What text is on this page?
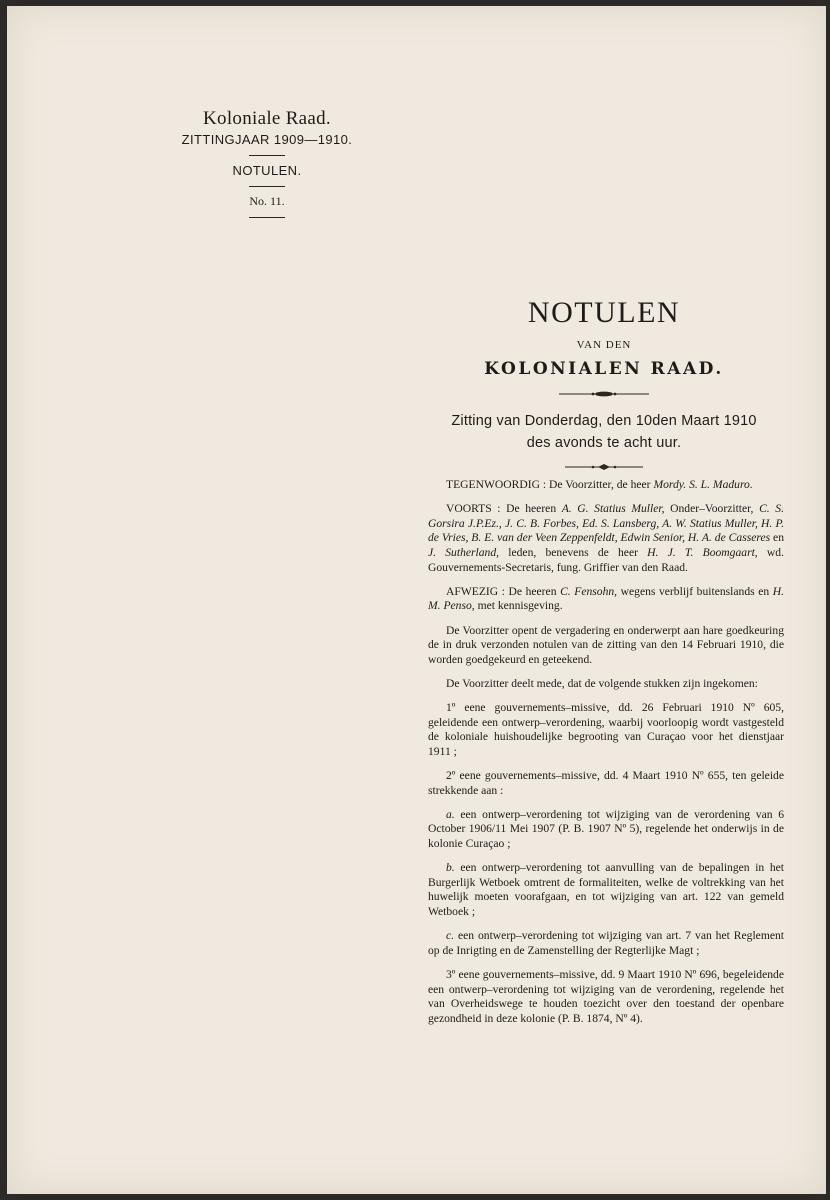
Koloniale Raad.
ZITTINGJAAR 1909—1910.
NOTULEN.
No. 11.
NOTULEN
VAN DEN
KOLONIALEN RAAD.
Zitting van Donderdag, den 10den Maart 1910
des avonds te acht uur.

TEGENWOORDIG : De Voorzitter, de heer Mordy. S. L. Maduro.

VOORTS : De heeren A. G. Statius Muller, Onder–Voorzitter, C. S. Gorsira J.P.Ez., J. C. B. Forbes, Ed. S. Lansberg, A. W. Statius Muller, H. P. de Vries, B. E. van der Veen Zeppenfeldt, Edwin Senior, H. A. de Casseres en J. Sutherland, leden, benevens de heer H. J. T. Boomgaart, wd. Gouvernements-Secretaris, fung. Griffier van den Raad.

AFWEZIG : De heeren C. Fensohn, wegens verblijf buitenslands en H. M. Penso, met kennisgeving.

De Voorzitter opent de vergadering en onderwerpt aan hare goedkeuring de in druk verzonden notulen van de zitting van den 14 Februari 1910, die worden goedgekeurd en geteekend.

De Voorzitter deelt mede, dat de volgende stukken zijn ingekomen:

1º eene gouvernements–missive, dd. 26 Februari 1910 Nº 605, geleidende een ontwerp–verordening, waarbij voorloopig wordt vastgesteld de koloniale huishoudelijke begrooting van Curaçao voor het dienstjaar 1911 ;

2º eene gouvernements–missive, dd. 4 Maart 1910 Nº 655, ten geleide strekkende aan :

a. een ontwerp–verordening tot wijziging van de verordening van 6 October 1906/11 Mei 1907 (P. B. 1907 Nº 5), regelende het onderwijs in de kolonie Curaçao ;

b. een ontwerp–verordening tot aanvulling van de bepalingen in het Burgerlijk Wetboek omtrent de formaliteiten, welke de voltrekking van het huwelijk moeten voorafgaan, en tot wijziging van art. 122 van gemeld Wetboek ;

c. een ontwerp–verordening tot wijziging van art. 7 van het Reglement op de Inrigting en de Zamenstelling der Regterlijke Magt ;

3º eene gouvernements–missive, dd. 9 Maart 1910 Nº 696, begeleidende een ontwerp–verordening tot wijziging van de verordening, regelende het van Overheidswege te houden toezicht over den toestand der openbare gezondheid in deze kolonie (P. B. 1874, Nº 4).
